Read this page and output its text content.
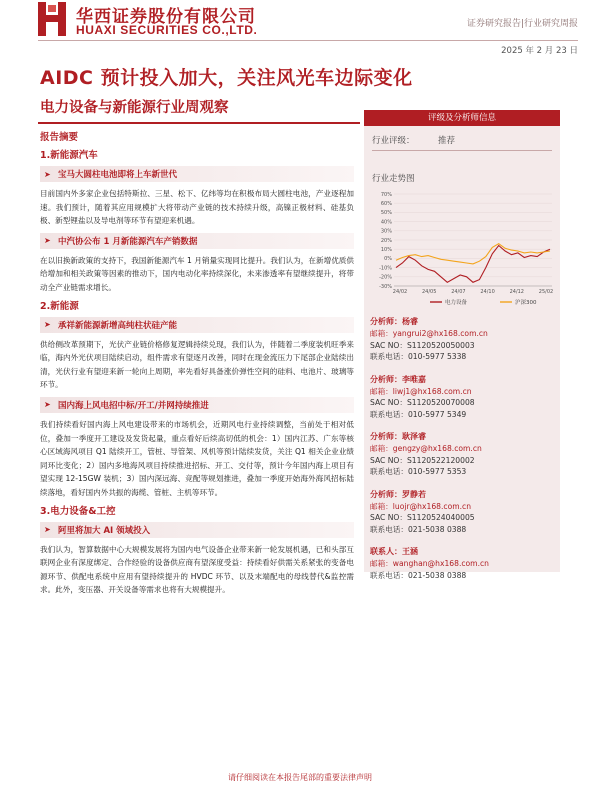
华西证券股份有限公司
HUAXI SECURITIES CO.,LTD.	证券研究报告|行业研究周报
2025 年 2 月 23 日
AIDC 预计投入加大，关注风光车边际变化
电力设备与新能源行业周观察
报告摘要
1.新能源汽车
➤ 宝马大圆柱电池即将上车新世代
目前国内外多家企业包括特斯拉、三星、松下、亿纬等均在积极布局大圆柱电池，产业逐程加速。我们预计，随着其应用规模扩大将带动产业链的技术持续升级，高镍正极材料、硅基负极、新型锂盐以及导电剂等环节有望迎来机遇。
➤ 中汽协公布 1 月新能源汽车产销数据
在以旧换新政策的支持下，我国新能源汽车 1 月销量实现同比提升。我们认为，在新增优质供给增加和相关政策等因素的推动下，国内电动化率持续深化，未来渗透率有望继续提升，将带动全产业链需求增长。
2.新能源
➤ 承祥新能源新增高纯柱状硅产能
供给侧改革预期下，光伏产业链价格修复逻辑持续兑现，我们认为，伴随着二季度装机旺季来临，海内外光伏项目陆续启动，组件需求有望逐月改善，同时在现金流压力下尾部企业陆续出清，光伏行业有望迎来新一轮向上周期，率先看好具备涨价弹性空间的硅料、电池片、玻璃等环节。
➤ 国内海上风电招中标/开工/并网持续推进
我们持续看好国内海上风电建设带来的市场机会，近期风电行业持续调整，当前处于相对低位，叠加一季度开工建设及发货起量，重点看好后续高切低的机会：1）国内江苏、广东等核心区域海风项目 Q1 陆续开工，管桩、导管架、风机等预计陆续发货，关注 Q1 相关企业业绩同环比变化；2）国内多地海风项目持续推进招标、开工、交付等，预计今年国内海上项目有望实现 12-15GW 装机；3）国内深远海、竞配等规划推进，叠加一季度开始海外海风招标陆续落地，看好国内外共振的海缆、管桩、主机等环节。
3.电力设备&工控
➤ 阿里将加大 AI 领域投入
我们认为，智算数据中心大规模发展将为国内电气设备企业带来新一轮发展机遇，已和头部互联网企业有深度绑定、合作经验的设备供应商有望深度受益：持续看好供需关系紧张的变备电源环节、供配电系统中应用有望持续提升的 HVDC 环节、以及末端配电的母线替代&监控需求。此外，变压器、开关设备等需求也将有大规模提升。
评级及分析师信息
行业评级：	推荐
行业走势图
70%
60%
50%
40%
30%
20%
10%
0%
-10%
-20%
-30%
24/02	24/05	24/07	24/10	24/12	25/02
电力设备	沪深300
分析师：杨睿
邮箱：yangrui2@hx168.com.cn
SAC NO：S1120520050003
联系电话：010-5977 5338
分析师：李唯嘉
邮箱：liwj1@hx168.com.cn
SAC NO：S1120520070008
联系电话：010-5977 5349
分析师：耿泽睿
邮箱：gengzy@hx168.com.cn
SAC NO：S1120522120002
联系电话：010-5977 5353
分析师：罗静若
邮箱：luojr@hx168.com.cn
SAC NO：S1120524040005
联系电话：021-5038 0388
联系人：王涵
邮箱：wanghan@hx168.com.cn
联系电话：021-5038 0388
请仔细阅读在本报告尾部的重要法律声明
